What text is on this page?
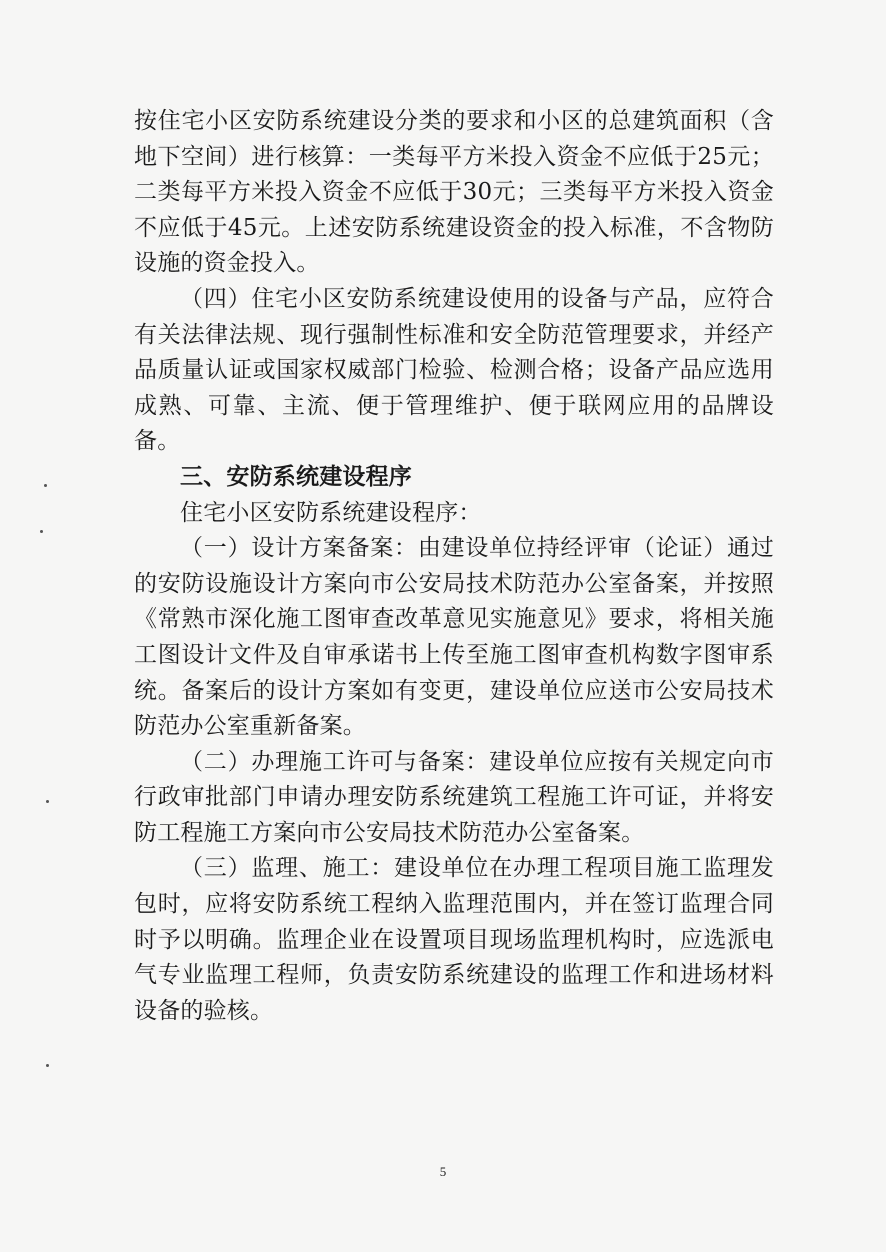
按住宅小区安防系统建设分类的要求和小区的总建筑面积（含地下空间）进行核算：一类每平方米投入资金不应低于25元；二类每平方米投入资金不应低于30元；三类每平方米投入资金不应低于45元。上述安防系统建设资金的投入标准，不含物防设施的资金投入。

（四）住宅小区安防系统建设使用的设备与产品，应符合有关法律法规、现行强制性标准和安全防范管理要求，并经产品质量认证或国家权威部门检验、检测合格；设备产品应选用成熟、可靠、主流、便于管理维护、便于联网应用的品牌设备。

三、安防系统建设程序

住宅小区安防系统建设程序：

（一）设计方案备案：由建设单位持经评审（论证）通过的安防设施设计方案向市公安局技术防范办公室备案，并按照《常熟市深化施工图审查改革意见实施意见》要求，将相关施工图设计文件及自审承诺书上传至施工图审查机构数字图审系统。备案后的设计方案如有变更，建设单位应送市公安局技术防范办公室重新备案。

（二）办理施工许可与备案：建设单位应按有关规定向市行政审批部门申请办理安防系统建筑工程施工许可证，并将安防工程施工方案向市公安局技术防范办公室备案。

（三）监理、施工：建设单位在办理工程项目施工监理发包时，应将安防系统工程纳入监理范围内，并在签订监理合同时予以明确。监理企业在设置项目现场监理机构时，应选派电气专业监理工程师，负责安防系统建设的监理工作和进场材料设备的验核。

5
